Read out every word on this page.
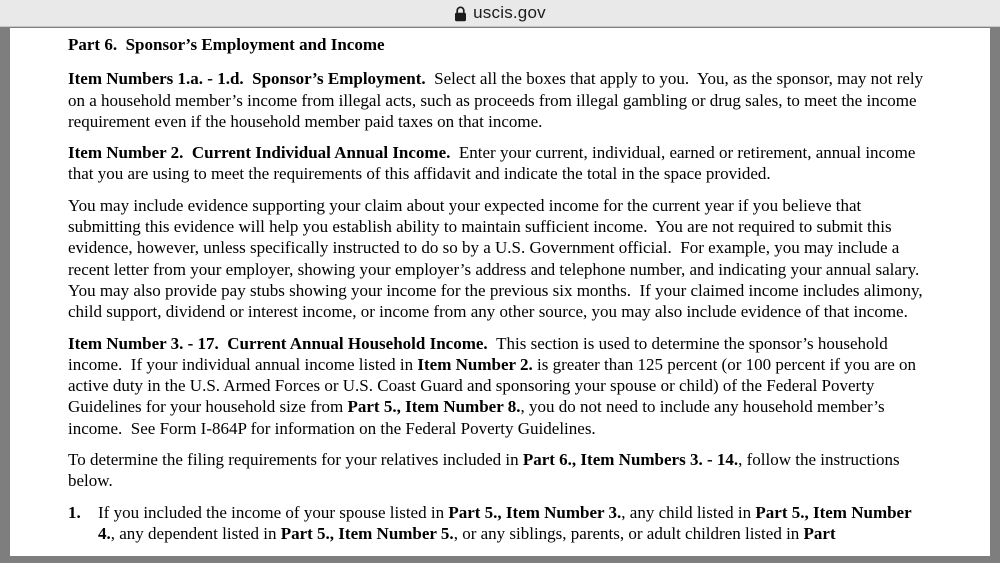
uscis.gov
Part 6.  Sponsor’s Employment and Income

Item Numbers 1.a. - 1.d.  Sponsor’s Employment.  Select all the boxes that apply to you.  You, as the sponsor, may not rely on a household member’s income from illegal acts, such as proceeds from illegal gambling or drug sales, to meet the income requirement even if the household member paid taxes on that income.

Item Number 2.  Current Individual Annual Income.  Enter your current, individual, earned or retirement, annual income that you are using to meet the requirements of this affidavit and indicate the total in the space provided.

You may include evidence supporting your claim about your expected income for the current year if you believe that submitting this evidence will help you establish ability to maintain sufficient income.  You are not required to submit this evidence, however, unless specifically instructed to do so by a U.S. Government official.  For example, you may include a recent letter from your employer, showing your employer’s address and telephone number, and indicating your annual salary.  You may also provide pay stubs showing your income for the previous six months.  If your claimed income includes alimony, child support, dividend or interest income, or income from any other source, you may also include evidence of that income.

Item Number 3. - 17.  Current Annual Household Income.  This section is used to determine the sponsor’s household income.  If your individual annual income listed in Item Number 2. is greater than 125 percent (or 100 percent if you are on active duty in the U.S. Armed Forces or U.S. Coast Guard and sponsoring your spouse or child) of the Federal Poverty Guidelines for your household size from Part 5., Item Number 8., you do not need to include any household member’s income.  See Form I-864P for information on the Federal Poverty Guidelines.

To determine the filing requirements for your relatives included in Part 6., Item Numbers 3. - 14., follow the instructions below.

1.	If you included the income of your spouse listed in Part 5., Item Number 3., any child listed in Part 5., Item Number 4., any dependent listed in Part 5., Item Number 5., or any siblings, parents, or adult children listed in Part
